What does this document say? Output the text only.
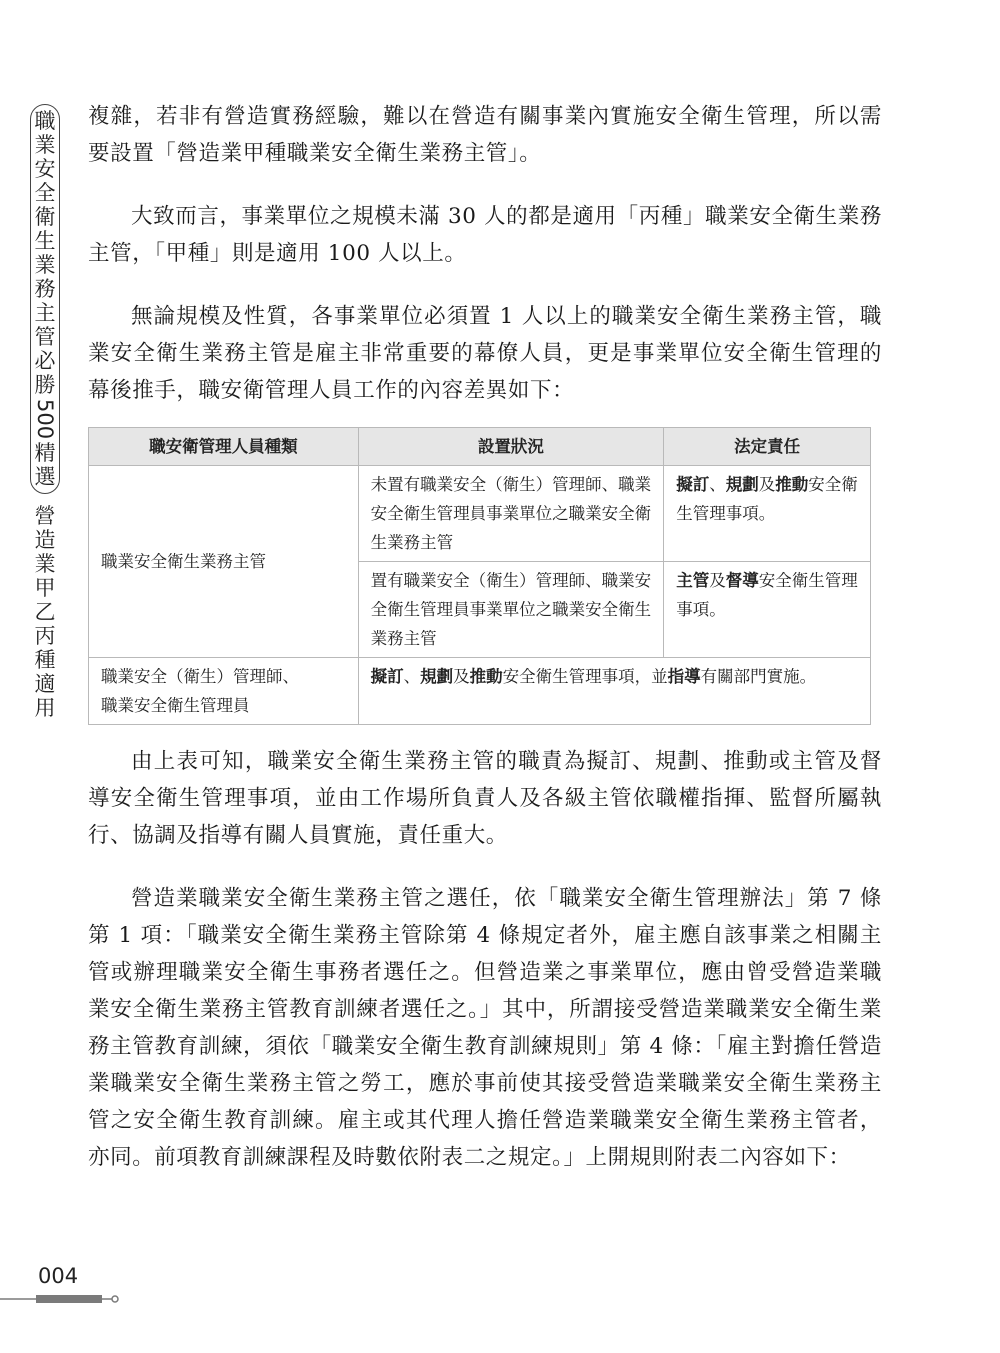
職
業
安
全
衛
生
業
務
主
管
必
勝
500
精
選
營
造
業
甲
乙
丙
種
適
用

複雜，若非有營造實務經驗，難以在營造有關事業內實施安全衛生管理，所以需要設置「營造業甲種職業安全衛生業務主管」。

大致而言，事業單位之規模未滿 30 人的都是適用「丙種」職業安全衛生業務主管，「甲種」則是適用 100 人以上。

無論規模及性質，各事業單位必須置 1 人以上的職業安全衛生業務主管，職業安全衛生業務主管是雇主非常重要的幕僚人員，更是事業單位安全衛生管理的幕後推手，職安衛管理人員工作的內容差異如下：

職安衛管理人員種類	設置狀況	法定責任
職業安全衛生業務主管	未置有職業安全（衛生）管理師、職業安全衛生管理員事業單位之職業安全衛生業務主管	擬訂、規劃及推動安全衛生管理事項。
	置有職業安全（衛生）管理師、職業安全衛生管理員事業單位之職業安全衛生業務主管	主管及督導安全衛生管理事項。
職業安全（衛生）管理師、
職業安全衛生管理員	擬訂、規劃及推動安全衛生管理事項，並指導有關部門實施。	

由上表可知，職業安全衛生業務主管的職責為擬訂、規劃、推動或主管及督導安全衛生管理事項，並由工作場所負責人及各級主管依職權指揮、監督所屬執行、協調及指導有關人員實施，責任重大。

營造業職業安全衛生業務主管之選任，依「職業安全衛生管理辦法」第 7 條第 1 項：「職業安全衛生業務主管除第 4 條規定者外，雇主應自該事業之相關主管或辦理職業安全衛生事務者選任之。但營造業之事業單位，應由曾受營造業職業安全衛生業務主管教育訓練者選任之。」其中，所謂接受營造業職業安全衛生業務主管教育訓練，須依「職業安全衛生教育訓練規則」第 4 條：「雇主對擔任營造業職業安全衛生業務主管之勞工，應於事前使其接受營造業職業安全衛生業務主管之安全衛生教育訓練。雇主或其代理人擔任營造業職業安全衛生業務主管者，亦同。前項教育訓練課程及時數依附表二之規定。」上開規則附表二內容如下：

004
